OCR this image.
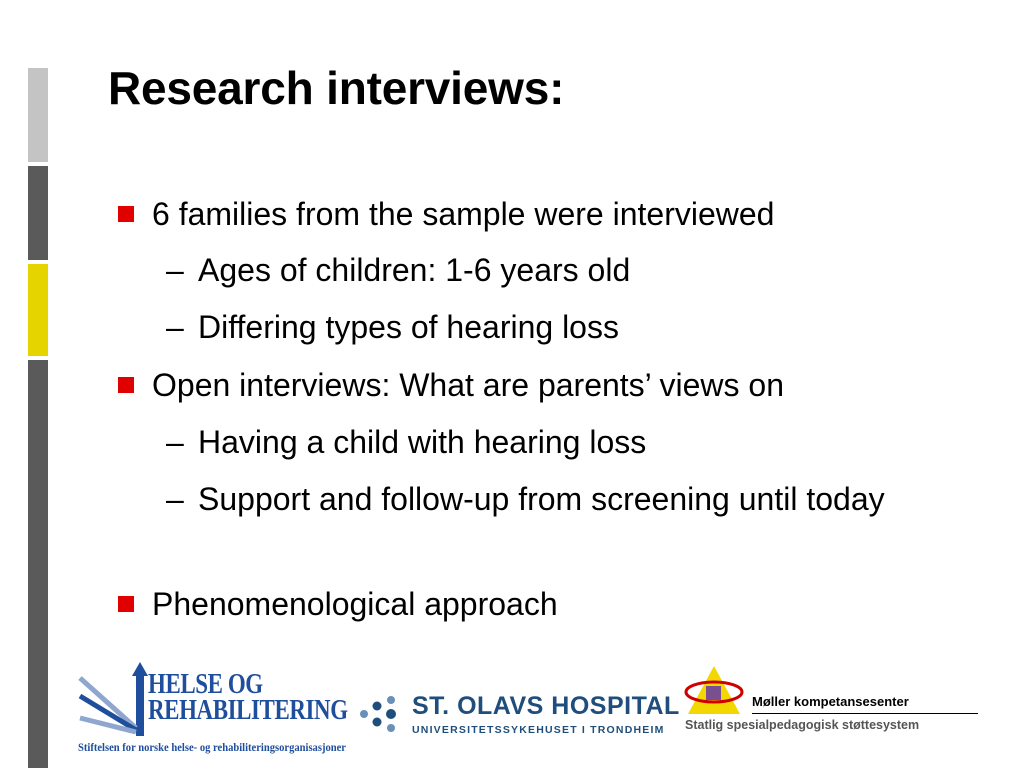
Research interviews:
6 families from the sample were interviewed
– Ages of children: 1-6 years old
– Differing types of hearing loss
Open interviews: What are parents’ views on
– Having a child with hearing loss
– Support and follow-up from screening until today
Phenomenological approach
HELSE OG
REHABILITERING
Stiftelsen for norske helse- og rehabiliteringsorganisasjoner
ST. OLAVS HOSPITAL
UNIVERSITETSSYKEHUSET I TRONDHEIM
Møller kompetansesenter
Statlig spesialpedagogisk støttesystem
